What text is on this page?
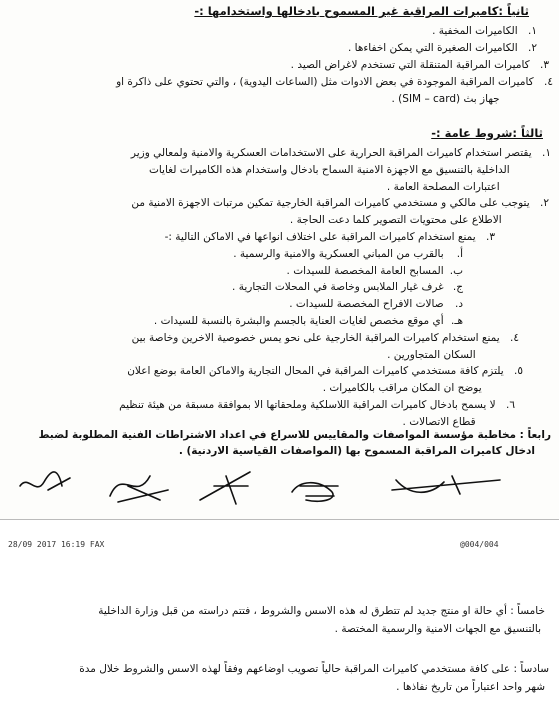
ثانياً :كاميرات المراقبة غير المسموح بادخالها واستخدامها :-
١. الكاميرات المخفية .
٢. الكاميرات الصغيرة التي يمكن اخفاءها .
٣. كاميرات المراقبة المتنقلة التي تستخدم لاغراض الصيد .
٤. كاميرات المراقبة الموجودة في بعض الادوات مثل (الساعات اليدوية) ، والتي تحتوي على ذاكرة او
جهاز بث (SIM – card) .
ثالثاً :شروط عامة :-
١. يقتصر استخدام كاميرات المراقبة الحرارية على الاستخدامات العسكرية والامنية ولمعالي وزير
الداخلية بالتنسيق مع الاجهزة الامنية السماح بادخال واستخدام هذه الكاميرات لغايات
اعتبارات المصلحة العامة .
٢. يتوجب على مالكي و مستخدمي كاميرات المراقبة الخارجية تمكين مرتبات الاجهزة الامنية من
الاطلاع على محتويات التصوير كلما دعت الحاجة .
٣. يمنع استخدام كاميرات المراقبة على اختلاف انواعها في الاماكن التالية :-
أ. بالقرب من المباني العسكرية والامنية والرسمية .
ب. المسابح العامة المخصصة للسيدات .
ج. غرف غيار الملابس وخاصة في المحلات التجارية .
د. صالات الافراح المخصصة للسيدات .
هـ. أي موقع مخصص لغايات العناية بالجسم والبشرة بالنسبة للسيدات .
٤. يمنع استخدام كاميرات المراقبة الخارجية على نحو يمس خصوصية الاخرين وخاصة بين
السكان المتجاورين .
٥. يلتزم كافة مستخدمي كاميرات المراقبة في المحال التجارية والاماكن العامة بوضع اعلان
يوضح ان المكان مراقب بالكاميرات .
٦. لا يسمح بادخال كاميرات المراقبة اللاسلكية وملحقاتها الا بموافقة مسبقة من هيئة تنظيم
قطاع الاتصالات .
رابعاً : مخاطبة مؤسسة المواصفات والمقاييس للاسراع في اعداد الاشتراطات الفنية المطلوبة لضبط
ادخال كاميرات المراقبة المسموح بها (المواصفات القياسية الاردنية) .
28/09 2017 16:19 FAX	@004/004
خامساً : أي حالة او منتج جديد لم تتطرق له هذه الاسس والشروط ، فتتم دراسته من قبل وزارة الداخلية
بالتنسيق مع الجهات الامنية والرسمية المختصة .
سادساً : على كافة مستخدمي كاميرات المراقبة حالياً تصويب اوضاعهم وفقاً لهذه الاسس والشروط خلال مدة
شهر واحد اعتباراً من تاريخ نفاذها .
